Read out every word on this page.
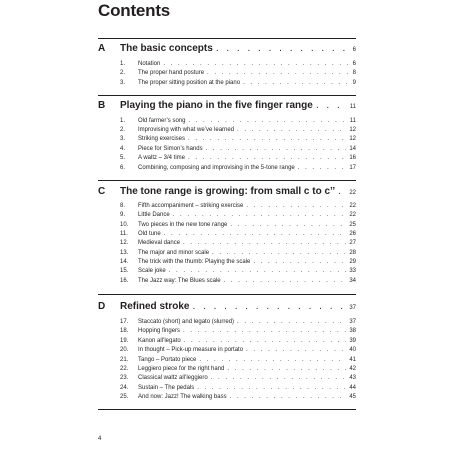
Contents
A The basic concepts . . .	6
1. Notation . . .	6
2. The proper hand posture . . .	8
3. The proper sitting position at the piano . . .	9
B Playing the piano in the five finger range . . .	11
1. Old farmer’s song . . .	11
2. Improvising with what we’ve learned . . .	12
3. Striking exercises . . .	12
4. Piece for Simon’s hands . . .	14
5. A waltz – 3/4 time . . .	16
6. Combining, composing and improvising in the 5-tone range . . .	17
C The tone range is growing: from small c to c’’ . . . 22
8. Fifth accompaniment – striking exercise . . .	22
9. Little Dance . . .	22
10. Two pieces in the new tone range . . .	25
11. Old tune . . .	26
12. Medieval dance . . .	27
13. The major and minor scale . . .	28
14. The trick with the thumb: Playing the scale . . .	29
15. Scale joke . . .	33
16. The Jazz way: The Blues scale . . .	34
D Refined stroke . . .	37
17. Staccato (short) and legato (slurred) . . .	37
18. Hopping fingers . . .	38
19. Kanon all’legato . . .	39
20. In thought – Pick-up measure in portato . . .	40
21. Tango – Portato piece . . .	41
22. Leggiero piece for the right hand . . .	42
23. Classical waltz all’leggiero . . .	43
24. Sustain – The pedals . . .	44
25. And now: Jazz! The walking bass . . .	45
4
